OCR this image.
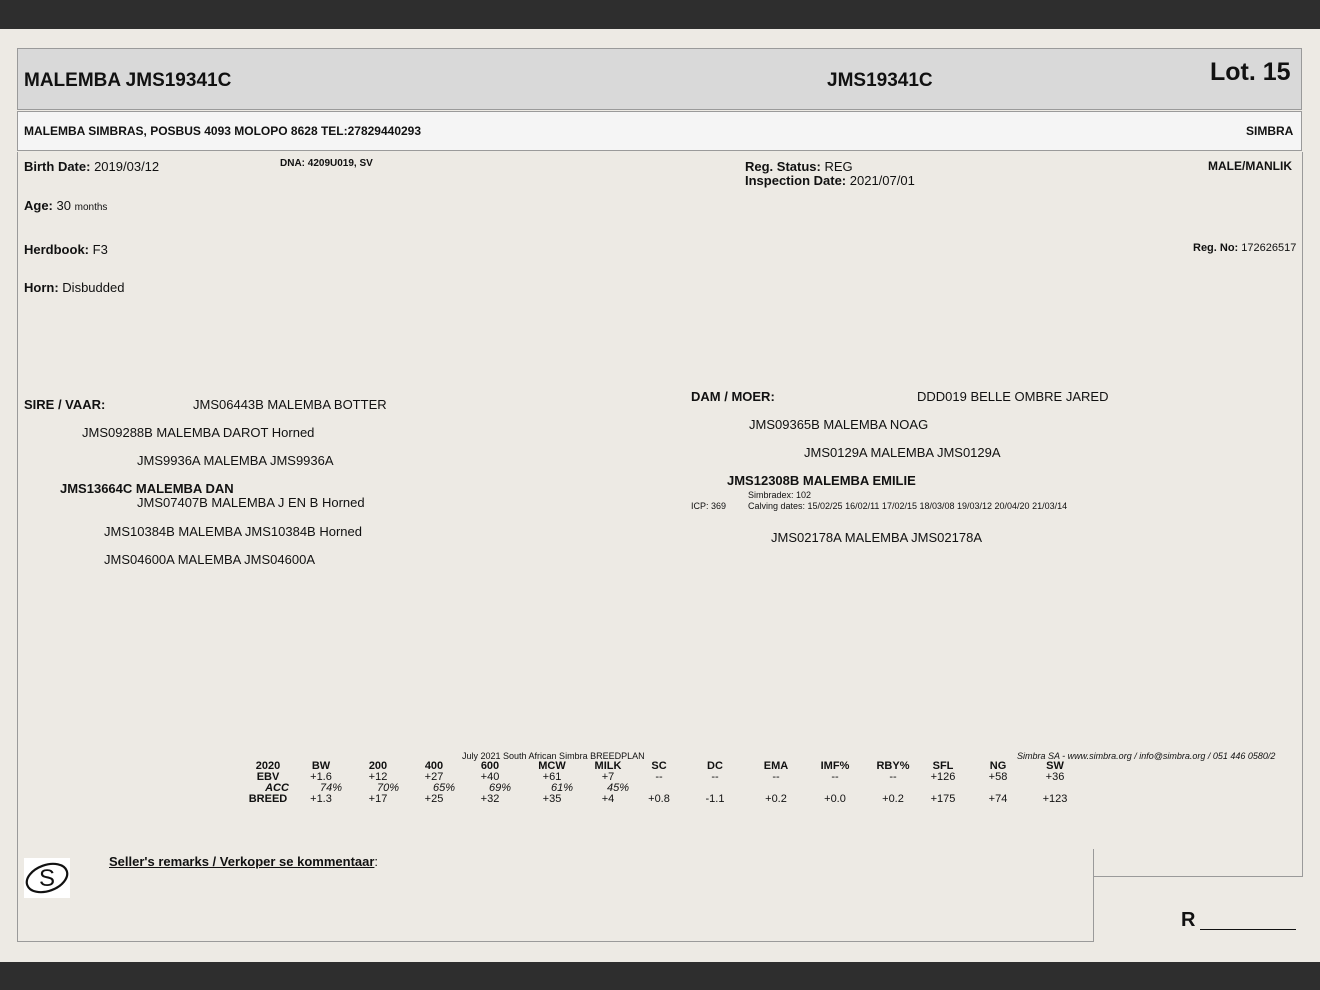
MALEMBA JMS19341C	JMS19341C	Lot. 15
MALEMBA SIMBRAS, POSBUS 4093 MOLOPO 8628 TEL:27829440293	SIMBRA
Birth Date: 2019/03/12	DNA: 4209U019, SV	Reg. Status: REG
Inspection Date: 2021/07/01
MALE/MANLIK
Age: 30 months
Herdbook: F3	Reg. No: 172626517
Horn: Disbudded
SIRE / VAAR:	JMS06443B MALEMBA BOTTER
JMS09288B MALEMBA DAROT Horned
JMS9936A MALEMBA JMS9936A
JMS13664C MALEMBA DAN
JMS07407B MALEMBA J EN B Horned
JMS10384B MALEMBA JMS10384B Horned
JMS04600A MALEMBA JMS04600A
DAM / MOER:	DDD019 BELLE OMBRE JARED
JMS09365B MALEMBA NOAG
JMS0129A MALEMBA JMS0129A
JMS12308B MALEMBA EMILIE
Simbradex: 102
ICP: 369 Calving dates: 15/02/25 16/02/11 17/02/15 18/03/08 19/03/12 20/04/20 21/03/14
JMS02178A MALEMBA JMS02178A
July 2021 South African Simbra BREEDPLAN	Simbra SA - www.simbra.org / info@simbra.org / 051 446 0580/2
2020	BW	200	400	600	MCW	MILK	SC	DC	EMA	IMF%	RBY%	SFL	NG	SW
EBV	+1.6	+12	+27	+40	+61	+7	--	--	--	--	--	+126	+58	+36
ACC	74%	70%	65%	69%	61%	45%
BREED	+1.3	+17	+25	+32	+35	+4	+0.8	-1.1	+0.2	+0.0	+0.2	+175	+74	+123
S
Seller's remarks / Verkoper se kommentaar:
R
